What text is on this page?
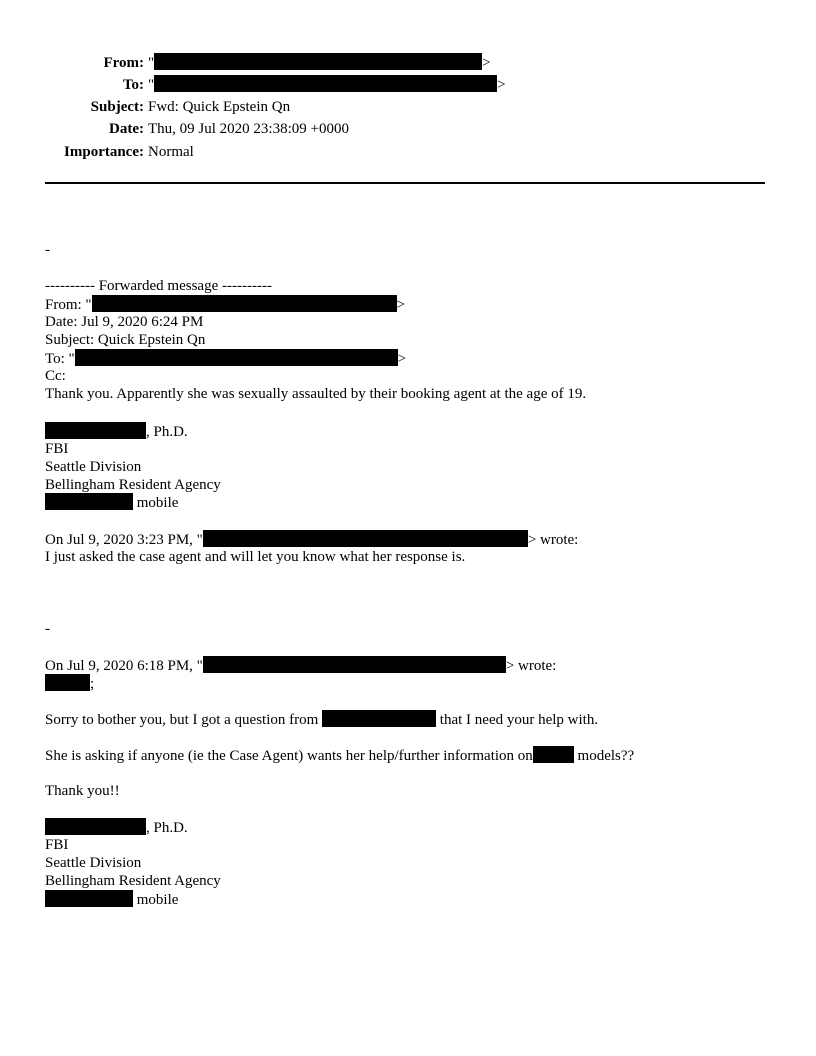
From: "	>
To: "	>
Subject: Fwd: Quick Epstein Qn
Date: Thu, 09 Jul 2020 23:38:09 +0000
Importance: Normal
-
---------- Forwarded message ----------
From: "	>
Date: Jul 9, 2020 6:24 PM
Subject: Quick Epstein Qn
To: "	>
Cc:
Thank you. Apparently she was sexually assaulted by their booking agent at the age of 19.
, Ph.D.
FBI
Seattle Division
Bellingham Resident Agency
mobile
On Jul 9, 2020 3:23 PM, "	> wrote:
I just asked the case agent and will let you know what her response is.
-
On Jul 9, 2020 6:18 PM, "	> wrote:
;
Sorry to bother you, but I got a question from	that I need your help with.
She is asking if anyone (ie the Case Agent) wants her help/further information on	models??
Thank you!!
, Ph.D.
FBI
Seattle Division
Bellingham Resident Agency
mobile
